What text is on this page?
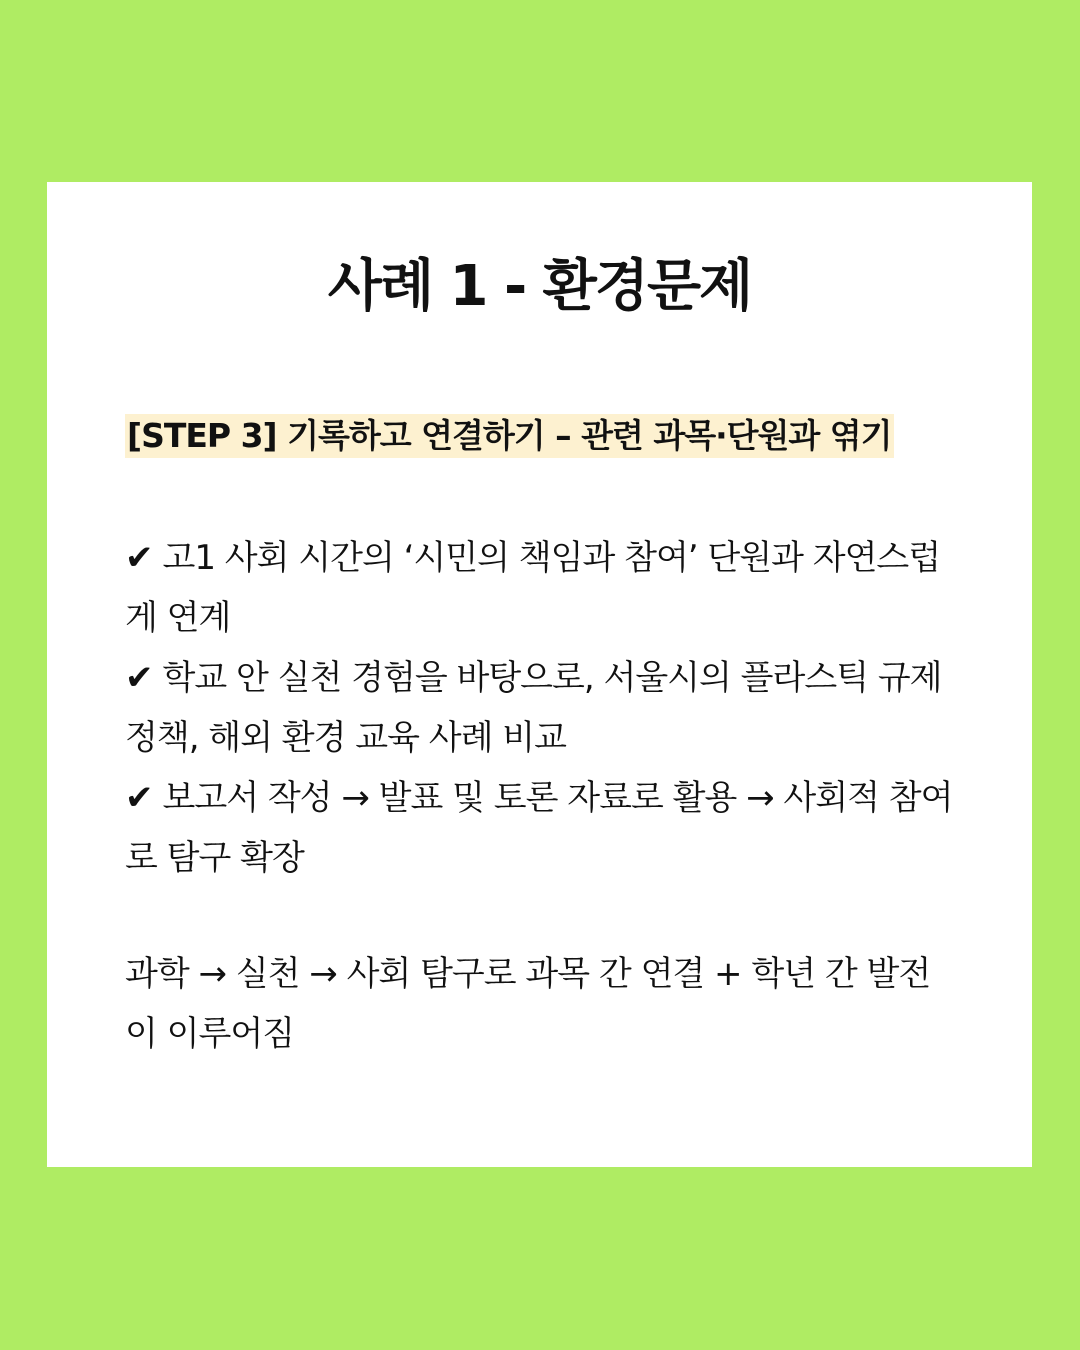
사례 1 - 환경문제
[STEP 3] 기록하고 연결하기 – 관련 과목·단원과 엮기
✔ 고1 사회 시간의 ‘시민의 책임과 참여’ 단원과 자연스럽게 연계
✔ 학교 안 실천 경험을 바탕으로, 서울시의 플라스틱 규제 정책, 해외 환경 교육 사례 비교
✔ 보고서 작성 → 발표 및 토론 자료로 활용 → 사회적 참여로 탐구 확장

과학 → 실천 → 사회 탐구로 과목 간 연결 + 학년 간 발전이 이루어짐
